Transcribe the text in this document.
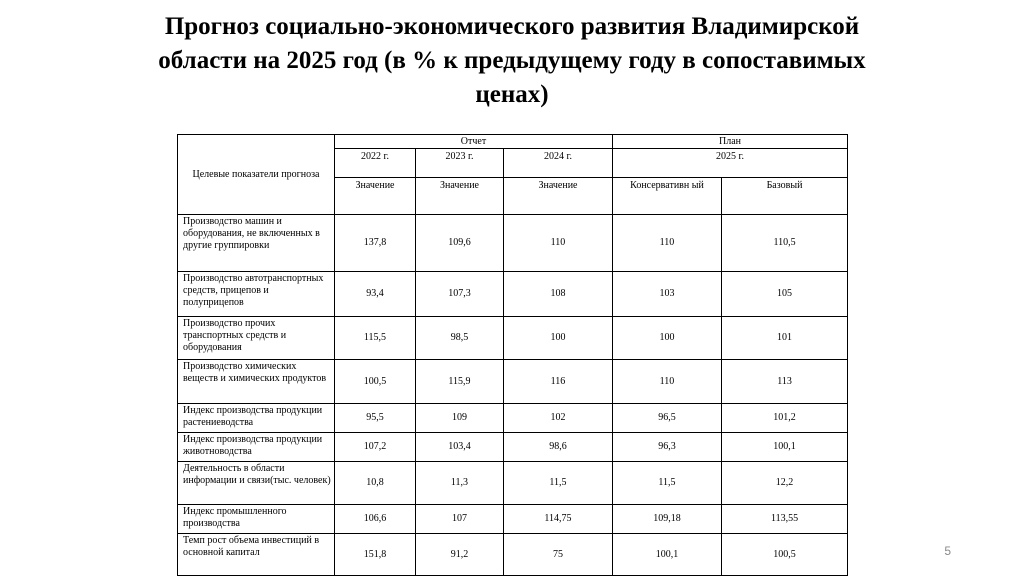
Прогноз социально-экономического развития Владимирской
области на 2025 год (в % к предыдущему году в сопоставимых
ценах)
Целевые показатели прогноза	Отчет			План	
	2022 г.	2023 г.	2024 г.	2025 г.	
	Значение	Значение	Значение	Консервативн ый	Базовый
Производство машин и оборудования, не включенных в другие группировки	137,8	109,6	110	110	110,5
Производство автотранспортных средств, прицепов и полуприцепов	93,4	107,3	108	103	105
Производство прочих транспортных средств и оборудования	115,5	98,5	100	100	101
Производство химических веществ и химических продуктов	100,5	115,9	116	110	113
Индекс производства продукции растениеводства	95,5	109	102	96,5	101,2
Индекс производства продукции животноводства	107,2	103,4	98,6	96,3	100,1
Деятельность в области информации и связи(тыс. человек)	10,8	11,3	11,5	11,5	12,2
Индекс промышленного производства	106,6	107	114,75	109,18	113,55
Темп рост объема инвестиций в основной капитал	151,8	91,2	75	100,1	100,5	5
